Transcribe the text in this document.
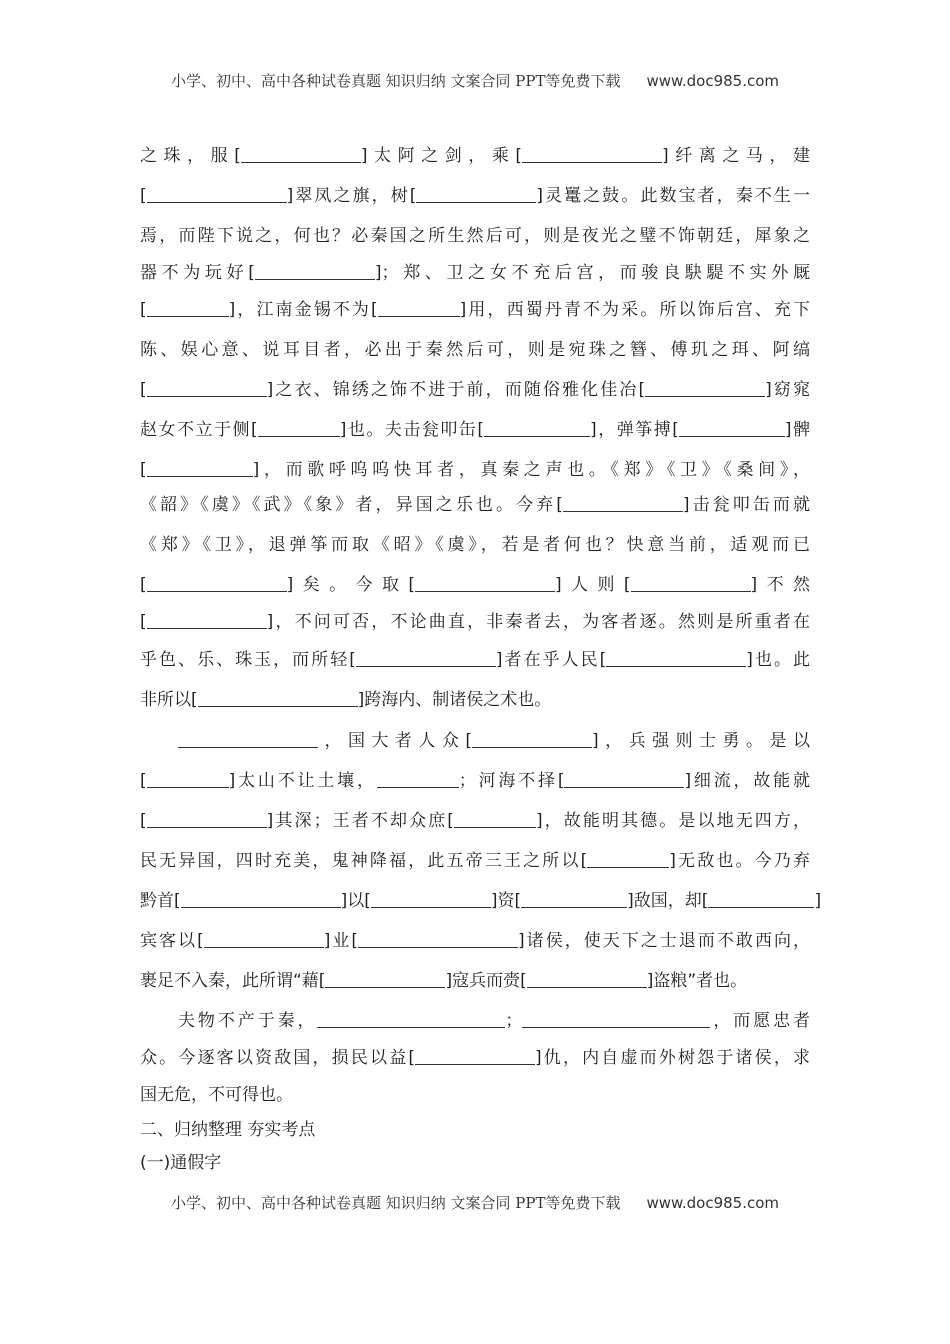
小学、初中、高中各种试卷真题 知识归纳 文案合同 PPT等免费下载 www.doc985.com
之珠，服[	]太阿之剑，乘[	]纤离之马，建
[	]翠凤之旗，树[	]灵鼍之鼓。此数宝者，秦不生一
焉，而陛下说之，何也？必秦国之所生然后可，则是夜光之璧不饰朝廷，犀象之
器不为玩好[	]；郑、卫之女不充后宫，而骏良駃騠不实外厩
[	]，江南金锡不为[	]用，西蜀丹青不为采。所以饰后宫、充下
陈、娱心意、说耳目者，必出于秦然后可，则是宛珠之簪、傅玑之珥、阿缟
[	]之衣、锦绣之饰不进于前，而随俗雅化佳冶[	]窈窕
赵女不立于侧[	]也。夫击瓮叩缶[	]，弹筝搏[	]髀
[	]，而歌呼呜呜快耳者，真秦之声也。《郑》《卫》《桑间》，
《韶》《虞》《武》《象》者，异国之乐也。今弃[	]击瓮叩缶而就
《郑》《卫》，退弹筝而取《昭》《虞》，若是者何也？快意当前，适观而已
[	]矣。今取[	]人则[	]不然
[	]，不问可否，不论曲直，非秦者去，为客者逐。然则是所重者在
乎色、乐、珠玉，而所轻[	]者在乎人民[	]也。此
非所以[	]跨海内、制诸侯之术也。
，国大者人众[	]，兵强则士勇。是以
[	]太山不让土壤，	；河海不择[	]细流，故能就
[	]其深；王者不却众庶[	]，故能明其德。是以地无四方，
民无异国，四时充美，鬼神降福，此五帝三王之所以[	]无敌也。今乃弃
黔首[	]以[	]资[	]敌国，却[	]
宾客以[	]业[	]诸侯，使天下之士退而不敢西向，
裹足不入秦，此所谓“藉[	]寇兵而赍[	]盗粮”者也。
夫物不产于秦，	；	，而愿忠者
众。今逐客以资敌国，损民以益[	]仇，内自虚而外树怨于诸侯，求
国无危，不可得也。
二、归纳整理 夯实考点
(一)通假字
小学、初中、高中各种试卷真题 知识归纳 文案合同 PPT等免费下载 www.doc985.com
